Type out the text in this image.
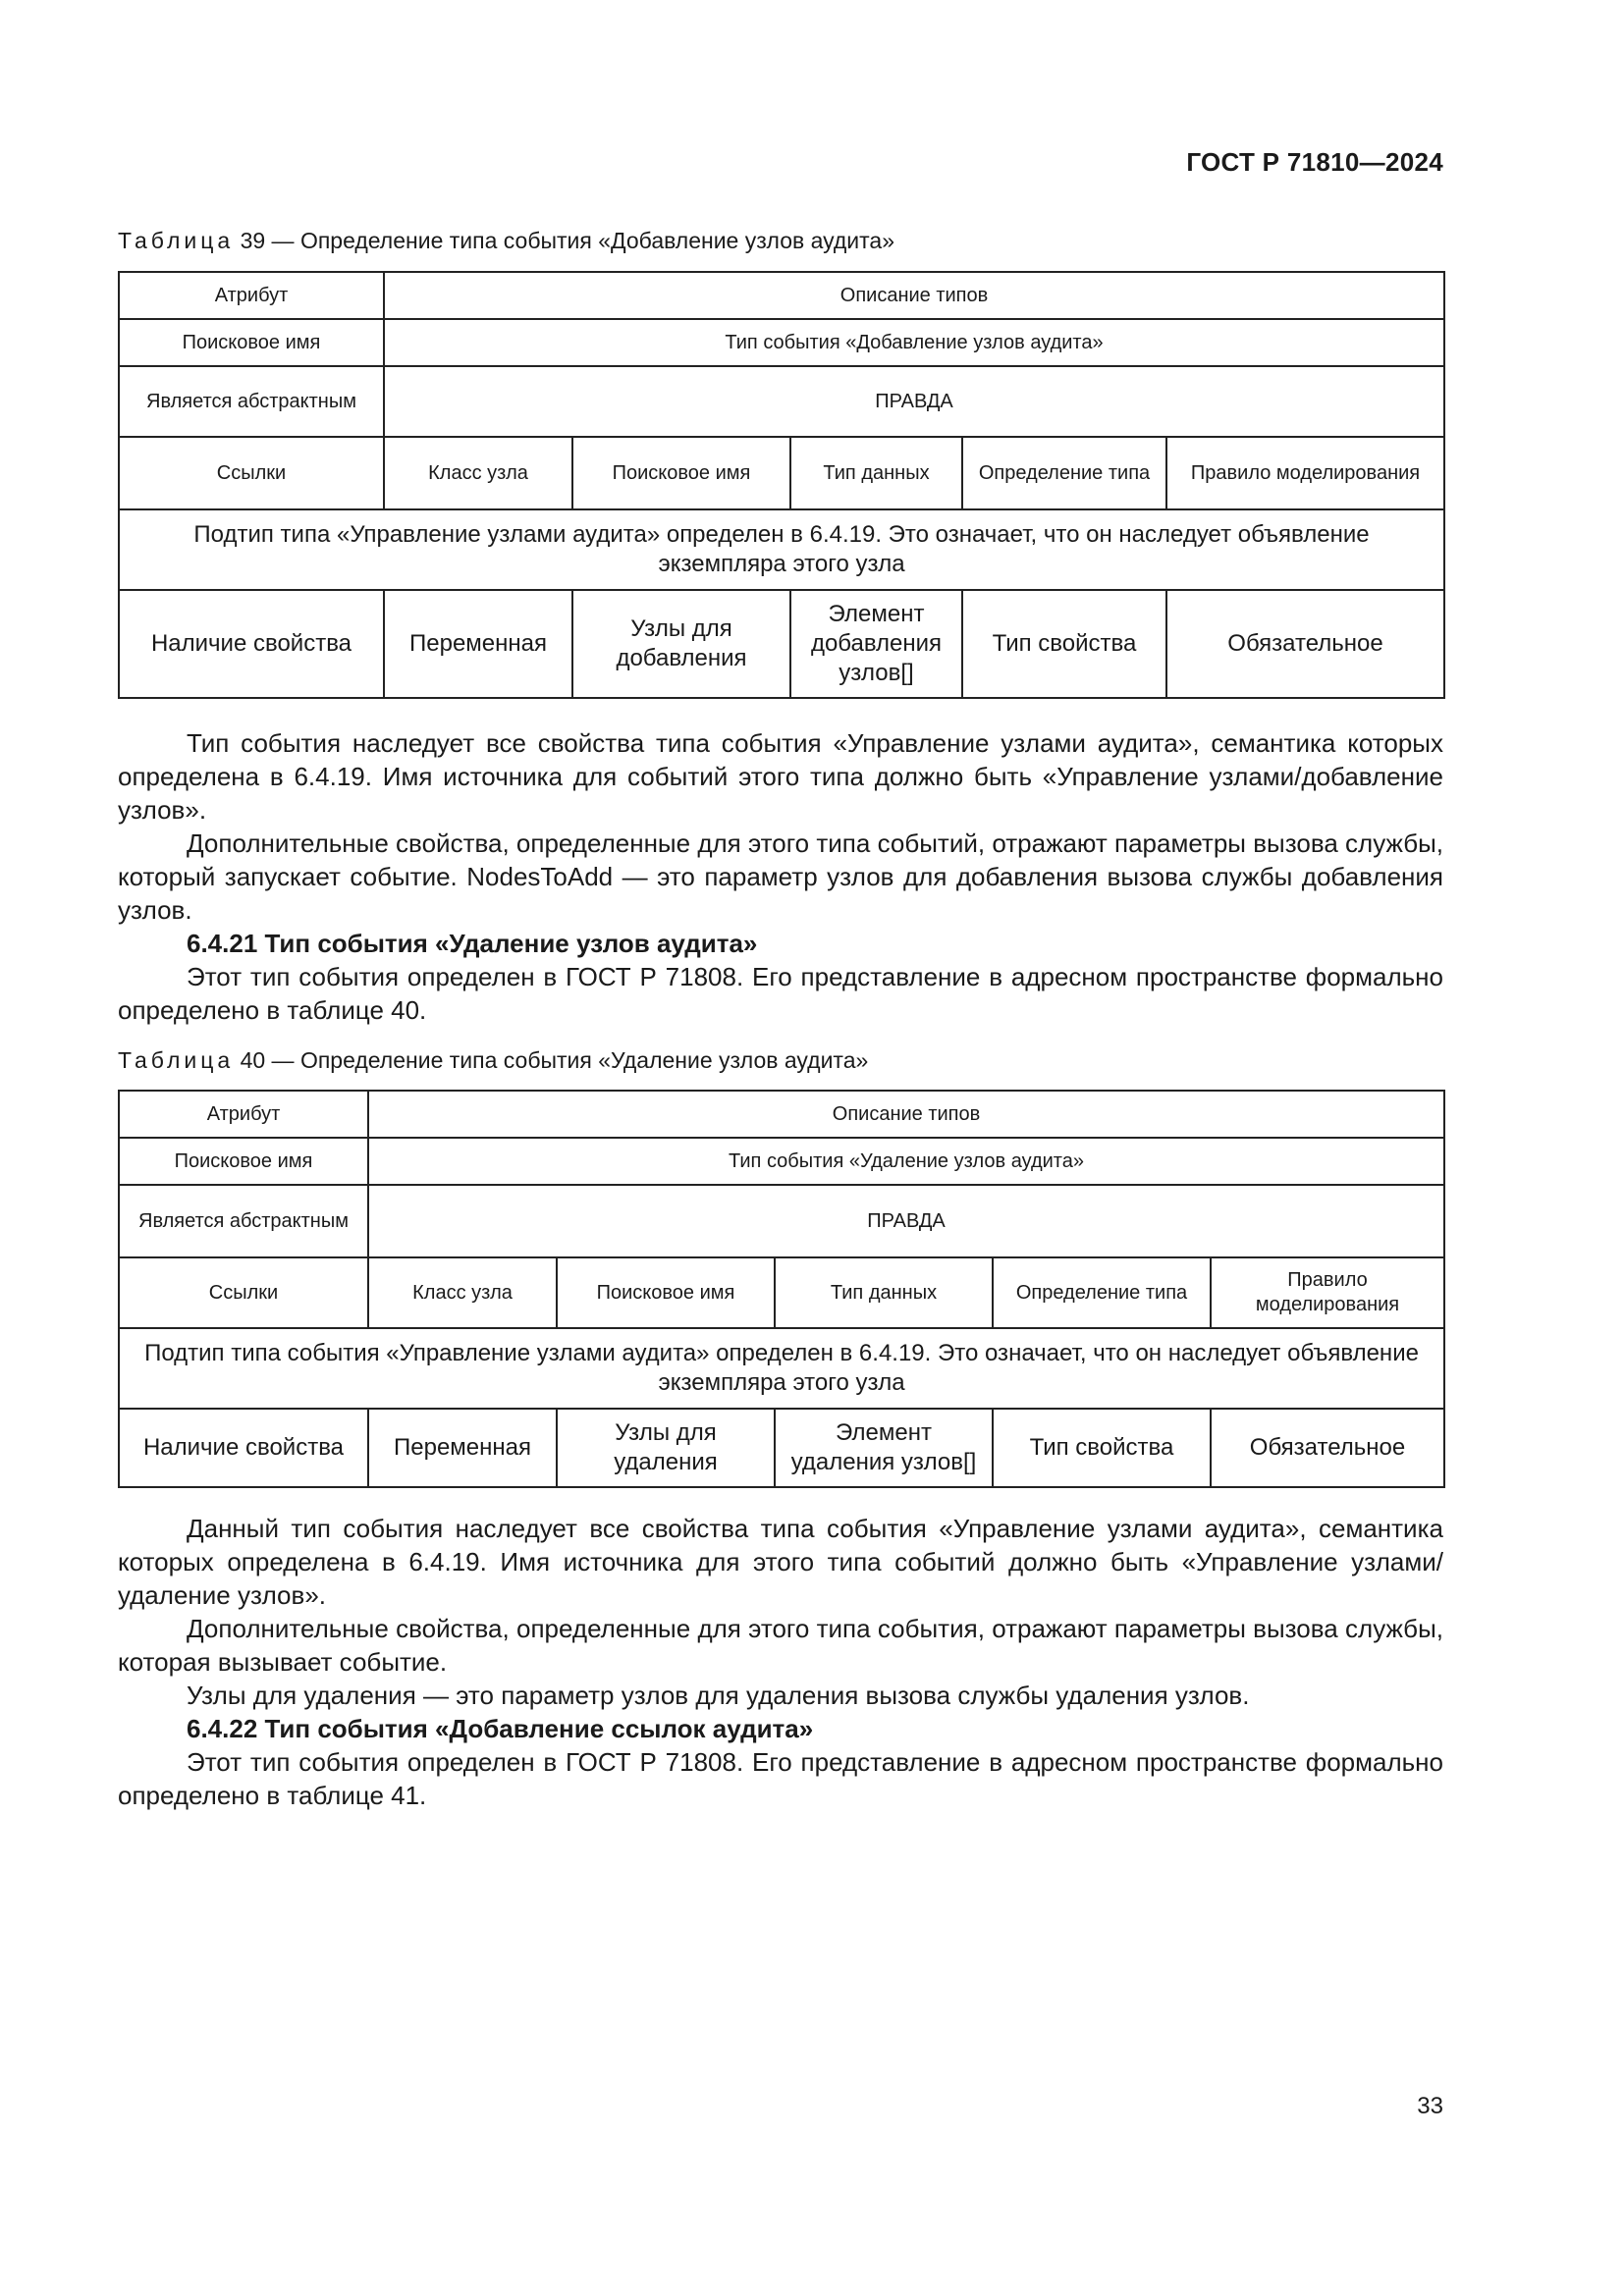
ГОСТ Р 71810—2024
Таблица 39 — Определение типа события «Добавление узлов аудита»
Атрибут	Описание типов				
Поисковое имя	Тип события «Добавление узлов аудита»				
Является абстрактным	ПРАВДА				
Ссылки	Класс узла	Поисковое имя	Тип данных	Определение типа	Правило моделирования
Подтип типа «Управление узлами аудита» определен в 6.4.19. Это означает, что он наследует объявление экземпляра этого узла					
Наличие свойства	Переменная	Узлы для добавления	Элемент добавления узлов[]	Тип свойства	Обязательное

Тип события наследует все свойства типа события «Управление узлами аудита», семантика которых определена в 6.4.19. Имя источника для событий этого типа должно быть «Управление узлами/добавление узлов».

Дополнительные свойства, определенные для этого типа событий, отражают параметры вызова службы, который запускает событие. NodesToAdd — это параметр узлов для добавления вызова службы добавления узлов.

6.4.21 Тип события «Удаление узлов аудита»

Этот тип события определен в ГОСТ Р 71808. Его представление в адресном пространстве формально определено в таблице 40.

Таблица 40 — Определение типа события «Удаление узлов аудита»
Атрибут	Описание типов				
Поисковое имя	Тип события «Удаление узлов аудита»				
Является абстрактным	ПРАВДА				
Ссылки	Класс узла	Поисковое имя	Тип данных	Определение типа	Правило моделирования
Подтип типа события «Управление узлами аудита» определен в 6.4.19. Это означает, что он наследует объявление экземпляра этого узла					
Наличие свойства	Переменная	Узлы для удаления	Элемент удаления узлов[]	Тип свойства	Обязательное

Данный тип события наследует все свойства типа события «Управление узлами аудита», семантика которых определена в 6.4.19. Имя источника для этого типа событий должно быть «Управление узлами/удаление узлов».

Дополнительные свойства, определенные для этого типа события, отражают параметры вызова службы, которая вызывает событие.

Узлы для удаления — это параметр узлов для удаления вызова службы удаления узлов.

6.4.22 Тип события «Добавление ссылок аудита»

Этот тип события определен в ГОСТ Р 71808. Его представление в адресном пространстве формально определено в таблице 41.

33
